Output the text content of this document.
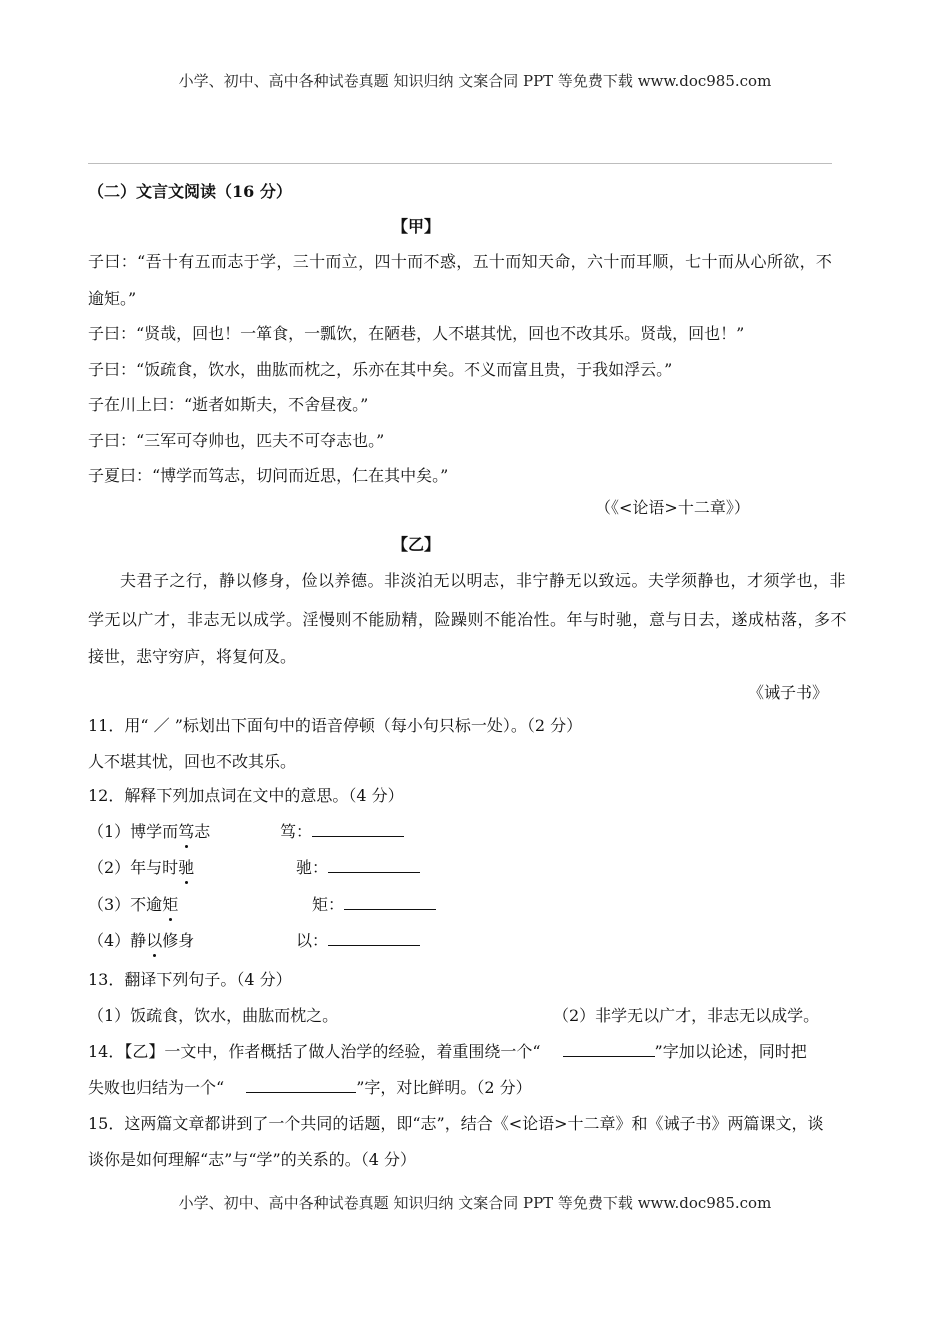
小学、初中、高中各种试卷真题 知识归纳 文案合同 PPT 等免费下载 www.doc985.com
（二）文言文阅读（16 分）
【甲】
子曰：“吾十有五而志于学，三十而立，四十而不惑，五十而知天命，六十而耳顺，七十而从心所欲，不
逾矩。”
子曰：“贤哉，回也！一箪食，一瓢饮，在陋巷，人不堪其忧，回也不改其乐。贤哉，回也！”
子曰：“饭疏食，饮水，曲肱而枕之，乐亦在其中矣。不义而富且贵，于我如浮云。”
子在川上曰：“逝者如斯夫，不舍昼夜。”
子曰：“三军可夺帅也，匹夫不可夺志也。”
子夏曰：“博学而笃志，切问而近思，仁在其中矣。”
（《<论语>十二章》）
【乙】
夫君子之行，静以修身，俭以养德。非淡泊无以明志，非宁静无以致远。夫学须静也，才须学也，非
学无以广才，非志无以成学。淫慢则不能励精，险躁则不能冶性。年与时驰，意与日去，遂成枯落，多不
接世，悲守穷庐，将复何及。
《诫子书》
11．用“ ／ ”标划出下面句中的语音停顿（每小句只标一处）。（2 分）
人不堪其忧，回也不改其乐。
12．解释下列加点词在文中的意思。（4 分）
（1）博学而笃志	笃：
（2）年与时驰	驰：
（3）不逾矩	矩：
（4）静以修身	以：
13．翻译下列句子。（4 分）
（1）饭疏食，饮水，曲肱而枕之。	（2）非学无以广才，非志无以成学。
14．【乙】一文中，作者概括了做人治学的经验，着重围绕一个“	”字加以论述，同时把
失败也归结为一个“	”字，对比鲜明。（2 分）
15．这两篇文章都讲到了一个共同的话题，即“志”，结合《<论语>十二章》和《诫子书》两篇课文，谈
谈你是如何理解“志”与“学”的关系的。（4 分）
小学、初中、高中各种试卷真题 知识归纳 文案合同 PPT 等免费下载 www.doc985.com
